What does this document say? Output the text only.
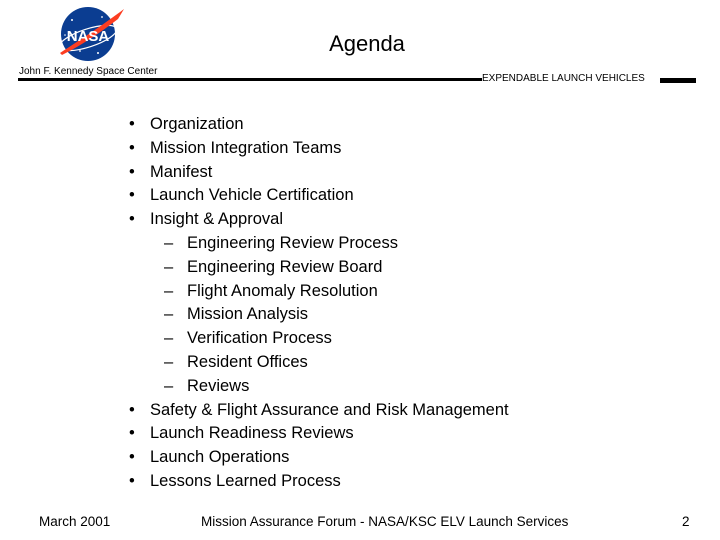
NASA	Agenda
John F. Kennedy Space Center
EXPENDABLE LAUNCH VEHICLES
• Organization
• Mission Integration Teams
• Manifest
• Launch Vehicle Certification
• Insight & Approval
– Engineering Review Process
– Engineering Review Board
– Flight Anomaly Resolution
– Mission Analysis
– Verification Process
– Resident Offices
– Reviews
• Safety & Flight Assurance and Risk Management
• Launch Readiness Reviews
• Launch Operations
• Lessons Learned Process
March 2001	Mission Assurance Forum - NASA/KSC ELV Launch Services	2
